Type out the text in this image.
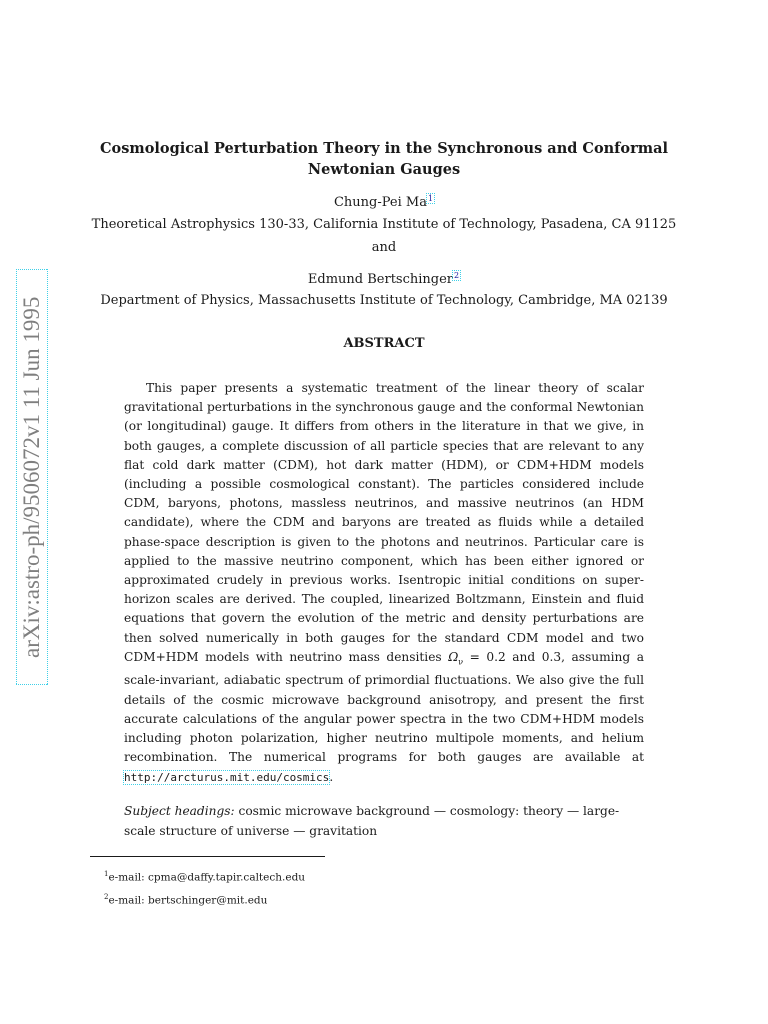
arXiv:astro-ph/9506072v1 11 Jun 1995
Cosmological Perturbation Theory in the Synchronous and Conformal Newtonian Gauges
Chung-Pei Ma$^1$
Theoretical Astrophysics 130-33, California Institute of Technology, Pasadena, CA 91125
and
Edmund Bertschinger$^2$
Department of Physics, Massachusetts Institute of Technology, Cambridge, MA 02139
ABSTRACT
This paper presents a systematic treatment of the linear theory of scalar gravitational perturbations in the synchronous gauge and the conformal Newtonian (or longitudinal) gauge. It differs from others in the literature in that we give, in both gauges, a complete discussion of all particle species that are relevant to any flat cold dark matter (CDM), hot dark matter (HDM), or CDM+HDM models (including a possible cosmological constant). The particles considered include CDM, baryons, photons, massless neutrinos, and massive neutrinos (an HDM candidate), where the CDM and baryons are treated as fluids while a detailed phase-space description is given to the photons and neutrinos. Particular care is applied to the massive neutrino component, which has been either ignored or approximated crudely in previous works. Isentropic initial conditions on super-horizon scales are derived. The coupled, linearized Boltzmann, Einstein and fluid equations that govern the evolution of the metric and density perturbations are then solved numerically in both gauges for the standard CDM model and two CDM+HDM models with neutrino mass densities $\Omega_\nu = 0.2$ and 0.3, assuming a scale-invariant, adiabatic spectrum of primordial fluctuations. We also give the full details of the cosmic microwave background anisotropy, and present the first accurate calculations of the angular power spectra in the two CDM+HDM models including photon polarization, higher neutrino multipole moments, and helium recombination. The numerical programs for both gauges are available at http://arcturus.mit.edu/cosmics.
Subject headings: cosmic microwave background — cosmology: theory — large-scale structure of universe — gravitation
$^1$e-mail: cpma@daffy.tapir.caltech.edu
$^2$e-mail: bertschinger@mit.edu
